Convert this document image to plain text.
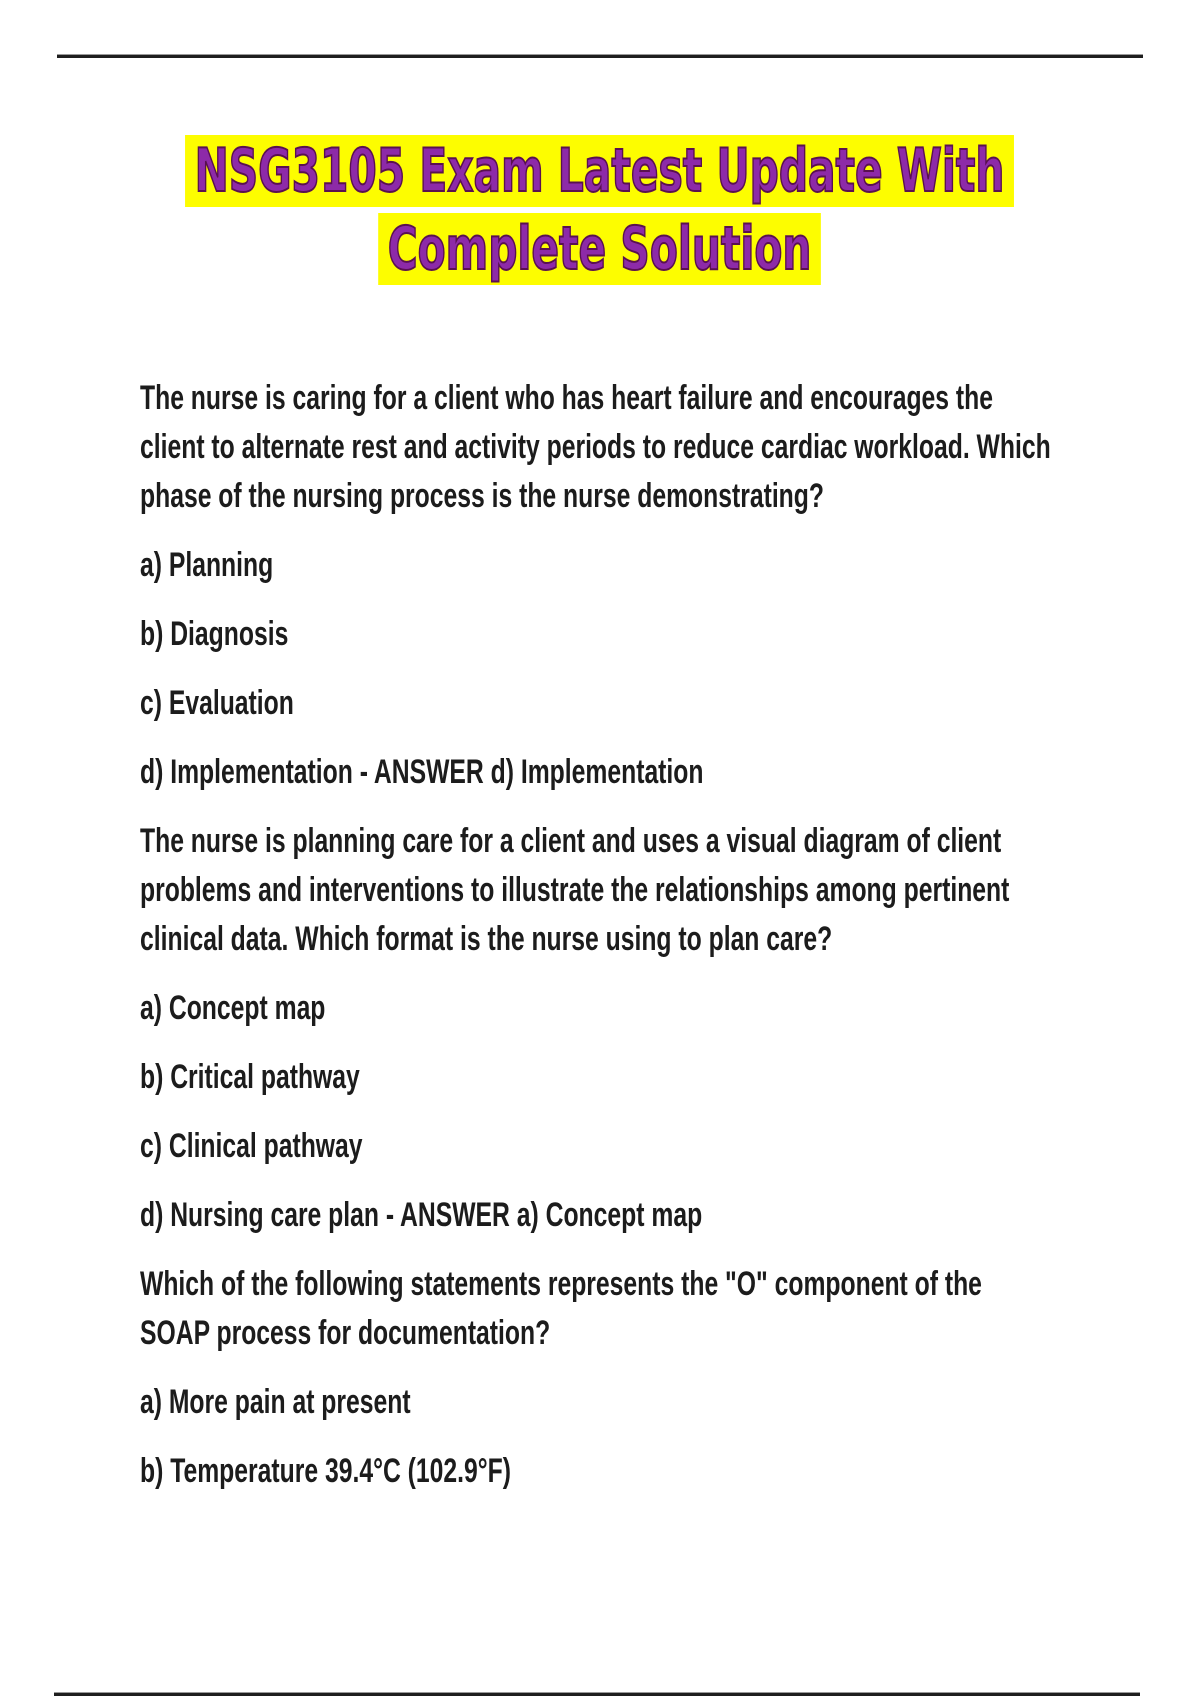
NSG3105 Exam Latest Update With
Complete Solution
The nurse is caring for a client who has heart failure and encourages the
client to alternate rest and activity periods to reduce cardiac workload. Which
phase of the nursing process is the nurse demonstrating?
a) Planning
b) Diagnosis
c) Evaluation
d) Implementation - ANSWER d) Implementation
The nurse is planning care for a client and uses a visual diagram of client
problems and interventions to illustrate the relationships among pertinent
clinical data. Which format is the nurse using to plan care?
a) Concept map
b) Critical pathway
c) Clinical pathway
d) Nursing care plan - ANSWER a) Concept map
Which of the following statements represents the "O" component of the
SOAP process for documentation?
a) More pain at present
b) Temperature 39.4°C (102.9°F)
